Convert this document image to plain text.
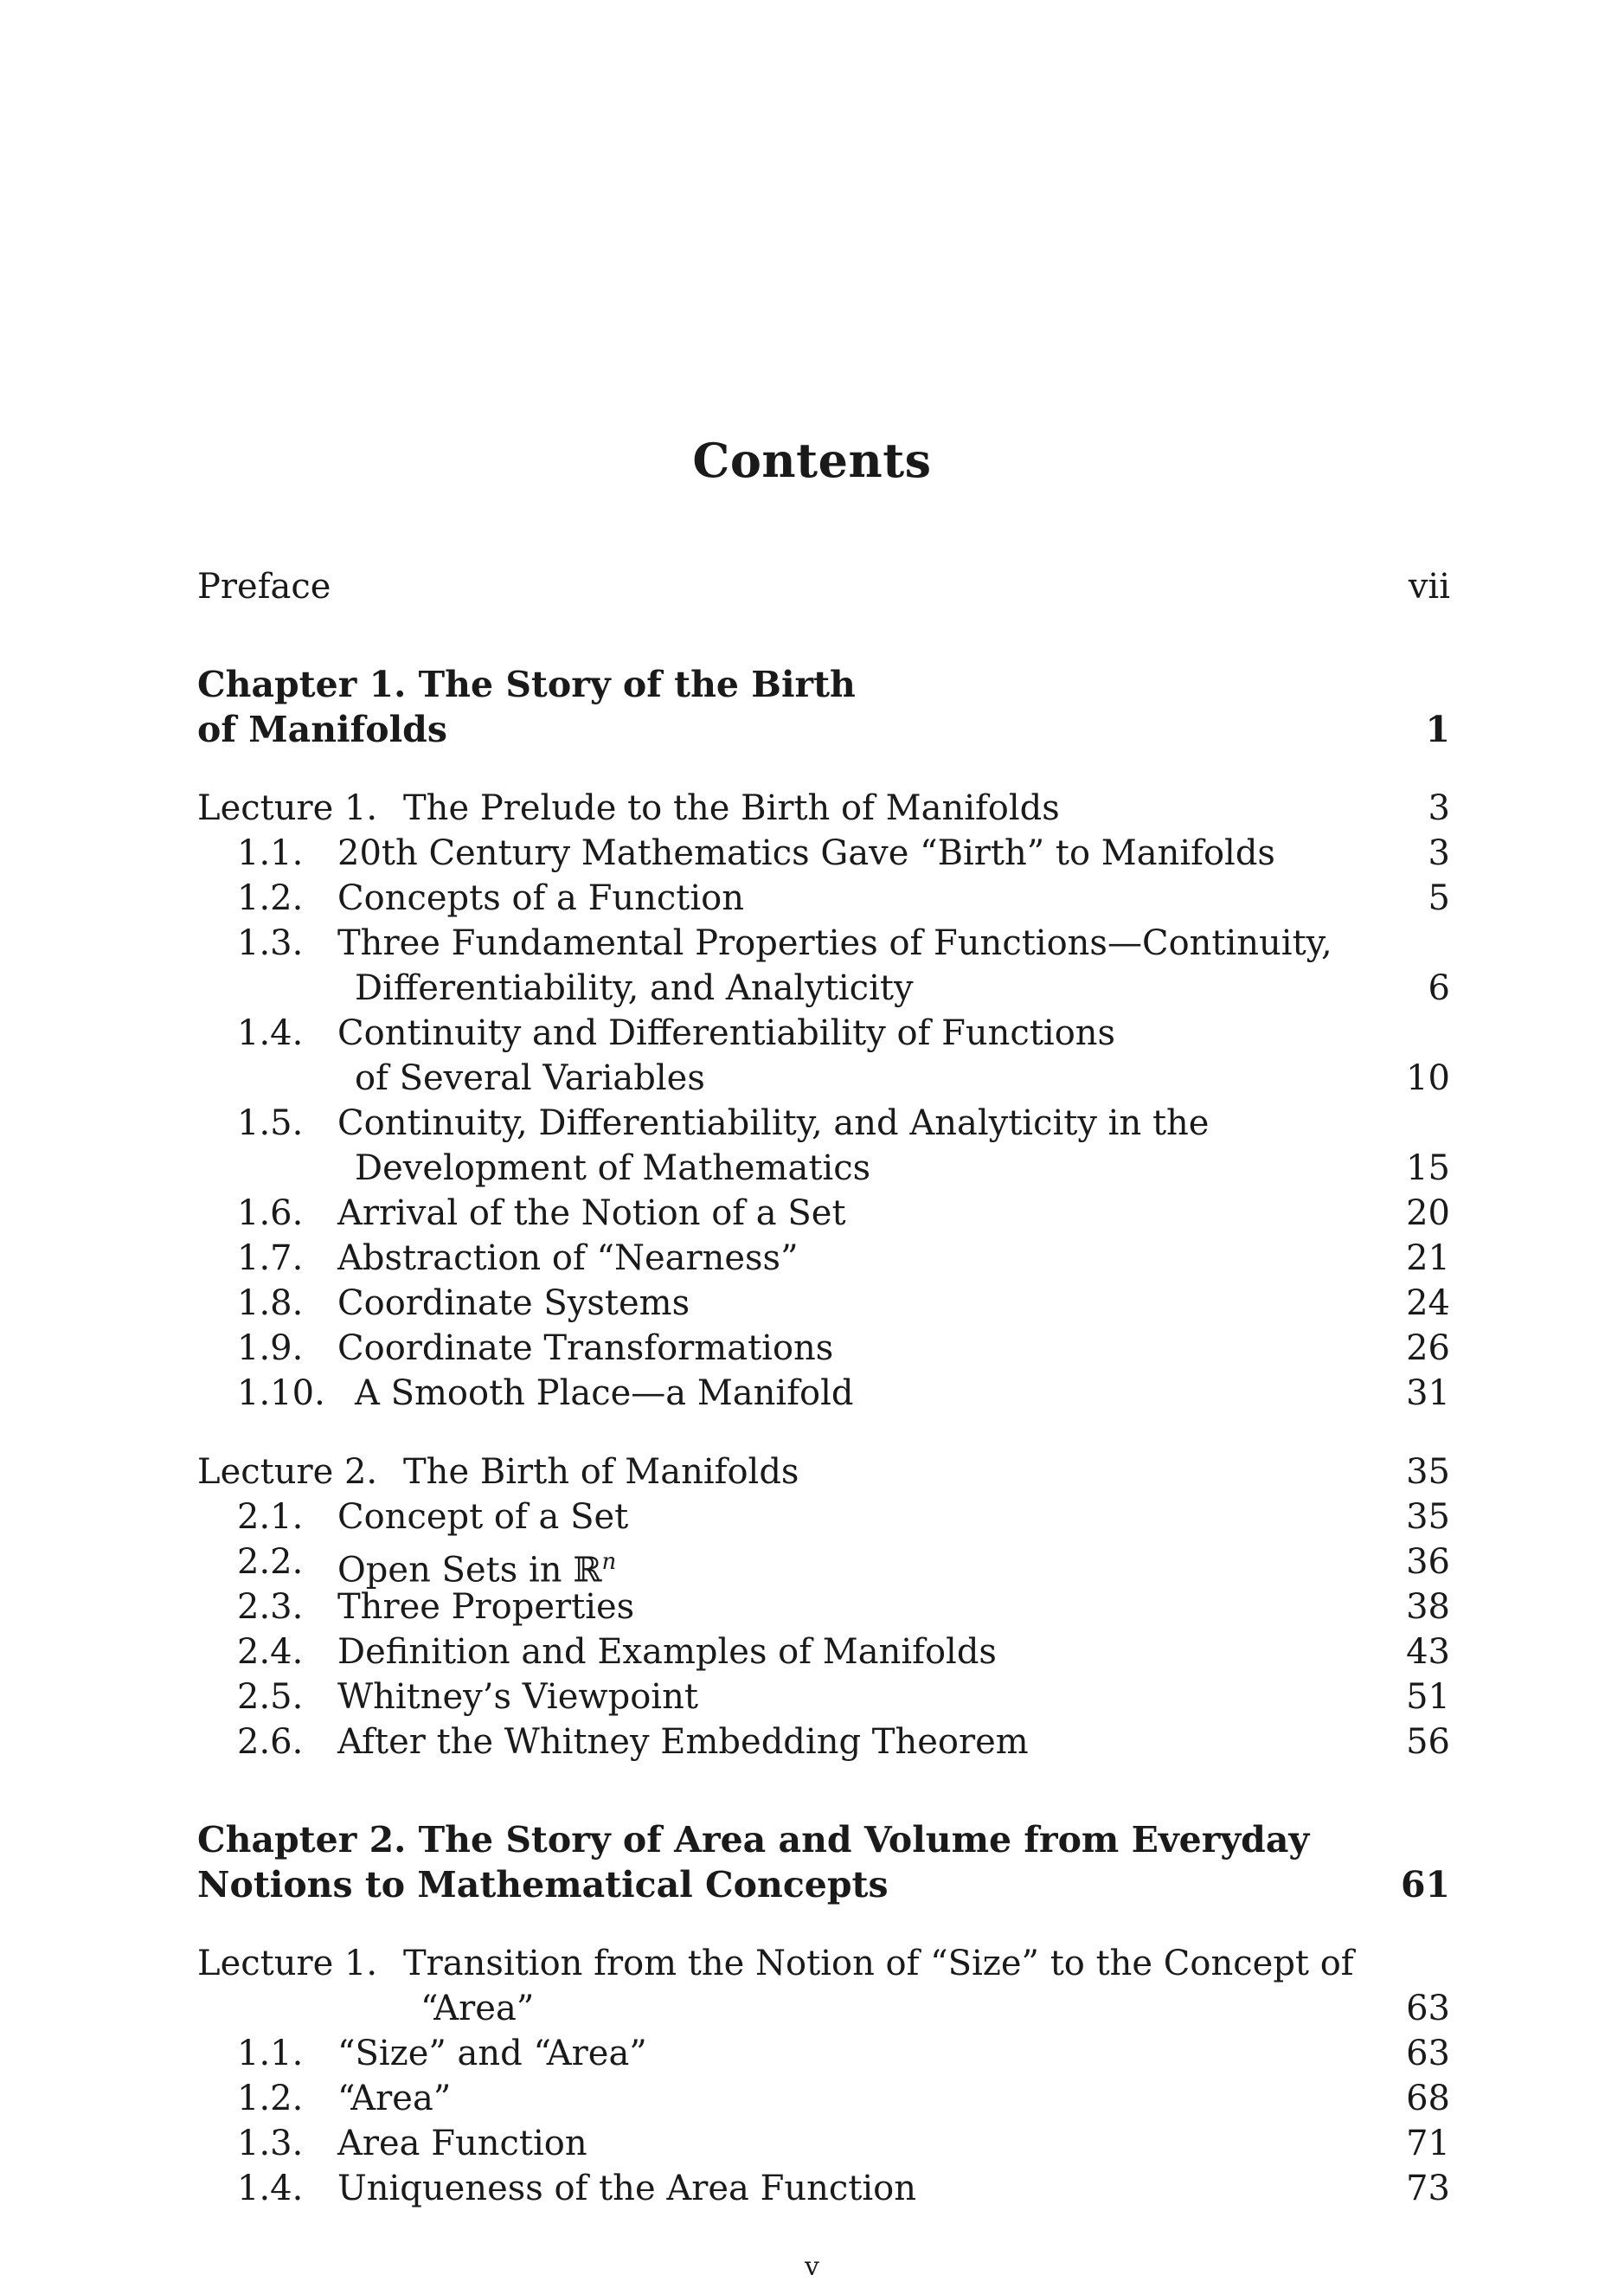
Contents
Preface	vii
Chapter 1. The Story of the Birth
of Manifolds	1
Lecture 1. The Prelude to the Birth of Manifolds	3
1.1. 20th Century Mathematics Gave “Birth” to Manifolds	3
1.2. Concepts of a Function	5
1.3. Three Fundamental Properties of Functions—Continuity,
Differentiability, and Analyticity	6
1.4. Continuity and Differentiability of Functions
of Several Variables	10
1.5. Continuity, Differentiability, and Analyticity in the
Development of Mathematics	15
1.6. Arrival of the Notion of a Set	20
1.7. Abstraction of “Nearness”	21
1.8. Coordinate Systems	24
1.9. Coordinate Transformations	26
1.10. A Smooth Place—a Manifold	31
Lecture 2. The Birth of Manifolds	35
2.1. Concept of a Set	35
2.2. Open Sets in ℝ$^n$	36
2.3. Three Properties	38
2.4. Definition and Examples of Manifolds	43
2.5. Whitney’s Viewpoint	51
2.6. After the Whitney Embedding Theorem	56
Chapter 2. The Story of Area and Volume from Everyday
Notions to Mathematical Concepts	61
Lecture 1. Transition from the Notion of “Size” to the Concept of
“Area”	63
1.1. “Size” and “Area”	63
1.2. “Area”	68
1.3. Area Function	71
1.4. Uniqueness of the Area Function	73
v
